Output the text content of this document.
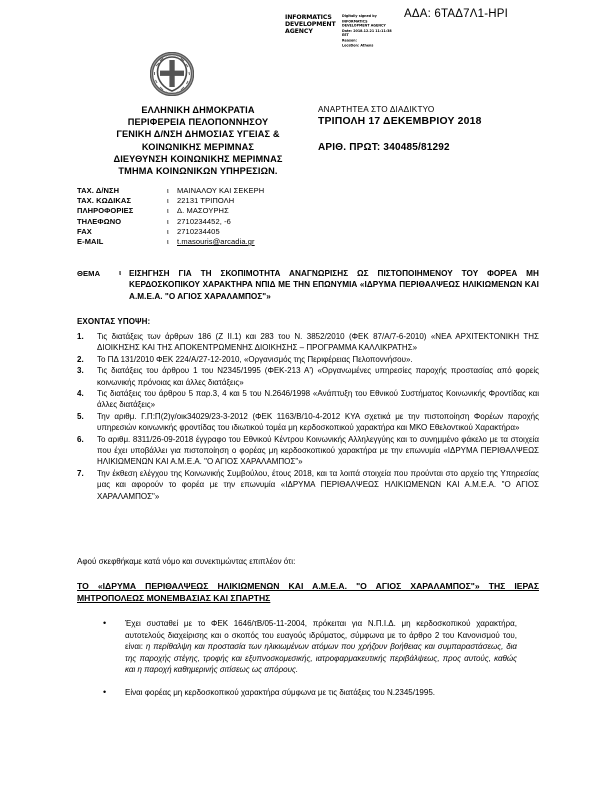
INFORMATICS DEVELOPMENT AGENCY
Digitally signed by
INFORMATICS
DEVELOPMENT AGENCY
Date: 2018.12.21 11:11:38
EET
Reason:
Location: Athens
ΑΔΑ: 6ΤΑΔ7Λ1-ΗΡΙ
ΕΛΛΗΝΙΚΗ ΔΗΜΟΚΡΑΤΙΑ
ΠΕΡΙΦΕΡΕΙΑ ΠΕΛΟΠΟΝΝΗΣΟΥ
ΓΕΝΙΚΗ Δ/ΝΣΗ ΔΗΜΟΣΙΑΣ ΥΓΕΙΑΣ &
ΚΟΙΝΩΝΙΚΗΣ ΜΕΡΙΜΝΑΣ
ΔΙΕΥΘΥΝΣΗ ΚΟΙΝΩΝΙΚΗΣ ΜΕΡΙΜΝΑΣ
ΤΜΗΜΑ ΚΟΙΝΩΝΙΚΩΝ ΥΠΗΡΕΣΙΩΝ.
ΑΝΑΡΤΗΤΕΑ ΣΤΟ ΔΙΑΔΙΚΤΥΟ
ΤΡΙΠΟΛΗ 17 ΔΕΚΕΜΒΡΙΟΥ 2018
ΑΡΙΘ. ΠΡΩΤ: 340485/81292
ΤΑΧ. Δ/ΝΣΗ	ι	ΜΑΙΝΑΛΟΥ ΚΑΙ ΣΕΚΕΡΗ
ΤΑΧ. ΚΩΔΙΚΑΣ	ι	22131 ΤΡΙΠΟΛΗ
ΠΛΗΡΟΦΟΡΙΕΣ	ι	Δ. ΜΑΣΟΥΡΗΣ
ΤΗΛΕΦΩΝΟ	ι	2710234452, -6
FAX	ι	2710234405
E-MAIL	ι	t.masouris@arcadia.gr
ΘΕΜΑ	ι ΕΙΣΗΓΗΣΗ ΓΙΑ ΤΗ ΣΚΟΠΙΜΟΤΗΤΑ ΑΝΑΓΝΩΡΙΣΗΣ ΩΣ ΠΙΣΤΟΠΟΙΗΜΕΝΟΥ ΤΟΥ ΦΟΡΕΑ ΜΗ ΚΕΡΔΟΣΚΟΠΙΚΟΥ ΧΑΡΑΚΤΗΡΑ ΝΠΙΔ ΜΕ ΤΗΝ ΕΠΩΝΥΜΙΑ «ΙΔΡΥΜΑ ΠΕΡΙΘΑΛΨΕΩΣ ΗΛΙΚΙΩΜΕΝΩΝ ΚΑΙ Α.Μ.Ε.Α. "Ο ΑΓΙΟΣ ΧΑΡΑΛΑΜΠΟΣ"»
ΕΧΟΝΤΑΣ ΥΠΟΨΗ:
1.	Τις διατάξεις των άρθρων 186 (Ζ ΙΙ.1) και 283 του Ν. 3852/2010 (ΦΕΚ 87/Α/7-6-2010) «ΝΕΑ ΑΡΧΙΤΕΚΤΟΝΙΚΗ ΤΗΣ ΔΙΟΙΚΗΣΗΣ ΚΑΙ ΤΗΣ ΑΠΟΚΕΝΤΡΩΜΕΝΗΣ ΔΙΟΙΚΗΣΗΣ – ΠΡΟΓΡΑΜΜΑ ΚΑΛΛΙΚΡΑΤΗΣ»
2.	Το ΠΔ 131/2010 ΦΕΚ 224/Α/27-12-2010, «Οργανισμός της Περιφέρειας Πελοποννήσου».
3.	Τις διατάξεις του άρθρου 1 του Ν2345/1995 (ΦΕΚ-213 Α') «Οργανωμένες υπηρεσίες παροχής προστασίας από φορείς κοινωνικής πρόνοιας και άλλες διατάξεις»
4.	Τις διατάξεις του άρθρου 5 παρ.3, 4 και 5 του Ν.2646/1998 «Ανάπτυξη του Εθνικού Συστήματος Κοινωνικής Φροντίδας και άλλες διατάξεις»
5.	Την αριθμ. Γ.Π:Π(2)γ/οικ34029/23-3-2012 (ΦΕΚ 1163/Β/10-4-2012 ΚΥΑ σχετικά με την πιστοποίηση Φορέων παροχής υπηρεσιών κοινωνικής φροντίδας του ιδιωτικού τομέα μη κερδοσκοπικού χαρακτήρα και ΜΚΟ Εθελοντικού Χαρακτήρα»
6.	Το αριθμ. 8311/26-09-2018 έγγραφο του Εθνικού Κέντρου Κοινωνικής Αλληλεγγύης και το συνημμένο φάκελο με τα στοιχεία που έχει υποβάλλει για πιστοποίηση ο φορέας μη κερδοσκοπικού χαρακτήρα με την επωνυμία «ΙΔΡΥΜΑ ΠΕΡΙΘΑΛΨΕΩΣ ΗΛΙΚΙΩΜΕΝΩΝ ΚΑΙ Α.Μ.Ε.Α. "Ο ΑΓΙΟΣ ΧΑΡΑΛΑΜΠΟΣ"»
7.	Την έκθεση ελέγχου της Κοινωνικής Συμβούλου, έτους 2018, και τα λοιπά στοιχεία που προύνται στο αρχείο της Υπηρεσίας μας και αφορούν το φορέα με την επωνυμία «ΙΔΡΥΜΑ ΠΕΡΙΘΑΛΨΕΩΣ ΗΛΙΚΙΩΜΕΝΩΝ ΚΑΙ Α.Μ.Ε.Α. "Ο ΑΓΙΟΣ ΧΑΡΑΛΑΜΠΟΣ"»
Αφού σκεφθήκαμε κατά νόμο και συνεκτιμώντας επιπλέον ότι:
ΤΟ «ΙΔΡΥΜΑ ΠΕΡΙΘΑΛΨΕΩΣ ΗΛΙΚΙΩΜΕΝΩΝ ΚΑΙ Α.Μ.Ε.Α. "Ο ΑΓΙΟΣ ΧΑΡΑΛΑΜΠΟΣ"» ΤΗΣ ΙΕΡΑΣ ΜΗΤΡΟΠΟΛΕΩΣ ΜΟΝΕΜΒΑΣΙΑΣ ΚΑΙ ΣΠΑΡΤΗΣ
•	Έχει συσταθεί με το ΦΕΚ 1646/τΒ/05-11-2004, πρόκειται για Ν.Π.Ι.Δ. μη κερδοσκοπικού χαρακτήρα, αυτοτελούς διαχείρισης και ο σκοπός του ευαγούς ιδρύματος, σύμφωνα με το άρθρο 2 του Κανονισμού του, είναι: η περίθαλψη και προστασία των ηλικιωμένων ατόμων που χρήζουν βοήθειας και συμπαραστάσεως, δια της παροχής στέγης, τροφής και εξυπνοσκομεσικής, ιατροφαρμακευτικής περιβάλψεως, προς αυτούς, καθώς και η παροχή καθημερινής σιτίσεως ως απόρους.
•	Είναι φορέας μη κερδοσκοπικού χαρακτήρα σύμφωνα με τις διατάξεις του Ν.2345/1995.
